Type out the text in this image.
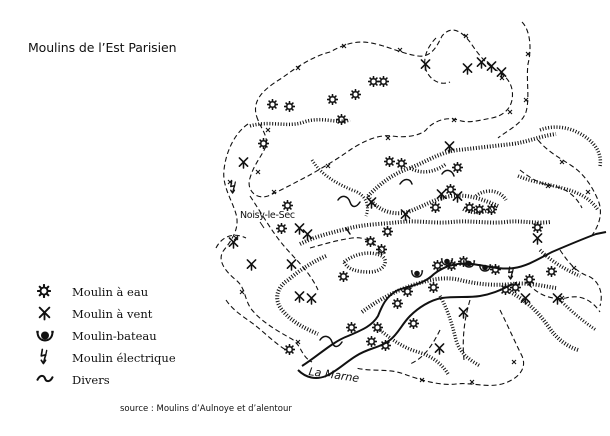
Noisy-le-Sec
La Marne
Moulins de l’Est Parisien
Moulin à eau
Moulin à vent
Moulin-bateau
Moulin électrique
Divers
source : Moulins d’Aulnoye et d’alentour
